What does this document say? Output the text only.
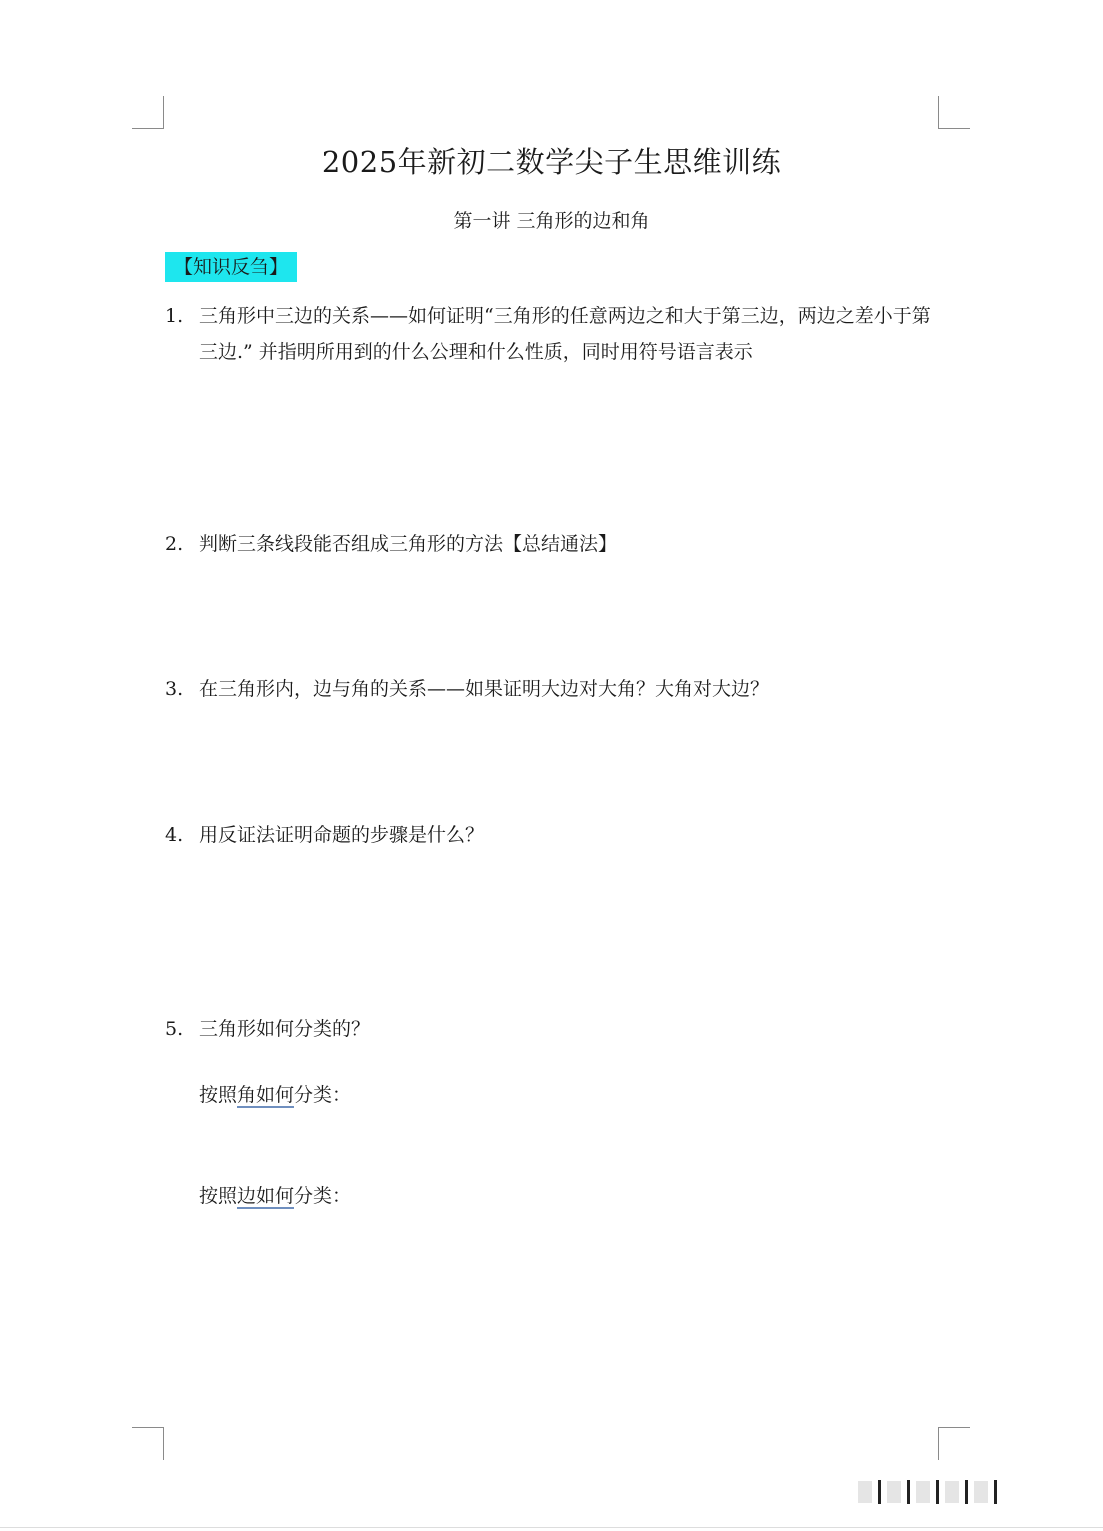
2025年新初二数学尖子生思维训练
第一讲 三角形的边和角
【知识反刍】
1. 三角形中三边的关系——如何证明“三角形的任意两边之和大于第三边，两边之差小于第三边.” 并指明所用到的什么公理和什么性质，同时用符号语言表示
2. 判断三条线段能否组成三角形的方法【总结通法】
3. 在三角形内，边与角的关系——如果证明大边对大角？大角对大边？
4. 用反证法证明命题的步骤是什么？
5. 三角形如何分类的？
按照角如何分类：
按照边如何分类：
